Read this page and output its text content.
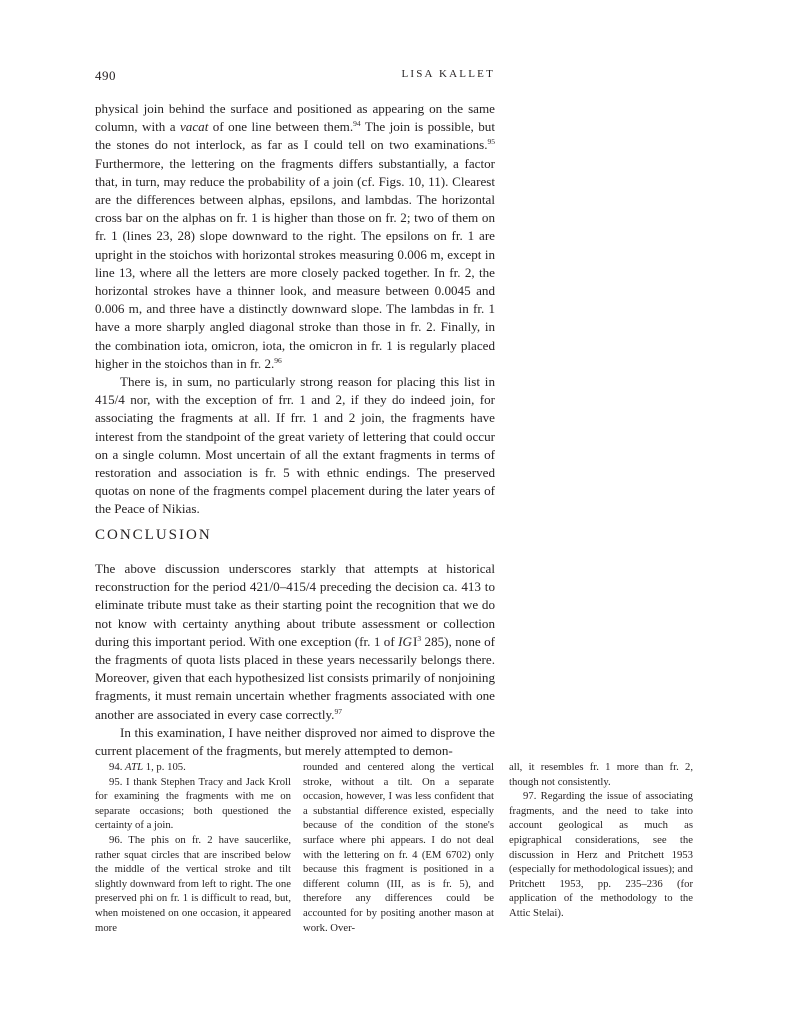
490	LISA KALLET

physical join behind the surface and positioned as appearing on the same column, with a vacat of one line between them.$^{94}$ The join is possible, but the stones do not interlock, as far as I could tell on two examinations.$^{95}$ Furthermore, the lettering on the fragments differs substantially, a factor that, in turn, may reduce the probability of a join (cf. Figs. 10, 11). Clearest are the differences between alphas, epsilons, and lambdas. The horizontal cross bar on the alphas on fr. 1 is higher than those on fr. 2; two of them on fr. 1 (lines 23, 28) slope downward to the right. The epsilons on fr. 1 are upright in the stoichos with horizontal strokes measuring 0.006 m, except in line 13, where all the letters are more closely packed together. In fr. 2, the horizontal strokes have a thinner look, and measure between 0.0045 and 0.006 m, and three have a distinctly downward slope. The lambdas in fr. 1 have a more sharply angled diagonal stroke than those in fr. 2. Finally, in the combination iota, omicron, iota, the omicron in fr. 1 is regularly placed higher in the stoichos than in fr. 2.96

There is, in sum, no particularly strong reason for placing this list in 415/4 nor, with the exception of frr. 1 and 2, if they do indeed join, for associating the fragments at all. If frr. 1 and 2 join, the fragments have interest from the standpoint of the great variety of lettering that could occur on a single column. Most uncertain of all the extant fragments in terms of restoration and association is fr. 5 with ethnic endings. The preserved quotas on none of the fragments compel placement during the later years of the Peace of Nikias.

CONCLUSION

The above discussion underscores starkly that attempts at historical reconstruction for the period 421/0–415/4 preceding the decision ca. 413 to eliminate tribute must take as their starting point the recognition that we do not know with certainty anything about tribute assessment or collection during this important period. With one exception (fr. 1 of IG $I^3$ 285), none of the fragments of quota lists placed in these years necessarily belongs there. Moreover, given that each hypothesized list consists primarily of nonjoining fragments, it must remain uncertain whether fragments associated with one another are associated in every case correctly.$^{97}$

In this examination, I have neither disproved nor aimed to disprove the current placement of the fragments, but merely attempted to demon-

94. ATL 1, p. 105.

95. I thank Stephen Tracy and Jack Kroll for examining the fragments with me on separate occasions; both questioned the certainty of a join.

96. The phis on fr. 2 have saucerlike, rather squat circles that are inscribed below the middle of the vertical stroke and tilt slightly downward from left to right. The one preserved phi on fr. 1 is difficult to read, but, when moistened on one occasion, it appeared more

rounded and centered along the vertical stroke, without a tilt. On a separate occasion, however, I was less confident that a substantial difference existed, especially because of the condition of the stone's surface where phi appears. I do not deal with the lettering on fr. 4 (EM 6702) only because this fragment is positioned in a different column (III, as is fr. 5), and therefore any differences could be accounted for by positing another mason at work. Over-

all, it resembles fr. 1 more than fr. 2, though not consistently.

97. Regarding the issue of associating fragments, and the need to take into account geological as much as epigraphical considerations, see the discussion in Herz and Pritchett 1953 (especially for methodological issues); and Pritchett 1953, pp. 235–236 (for application of the methodology to the Attic Stelai).
